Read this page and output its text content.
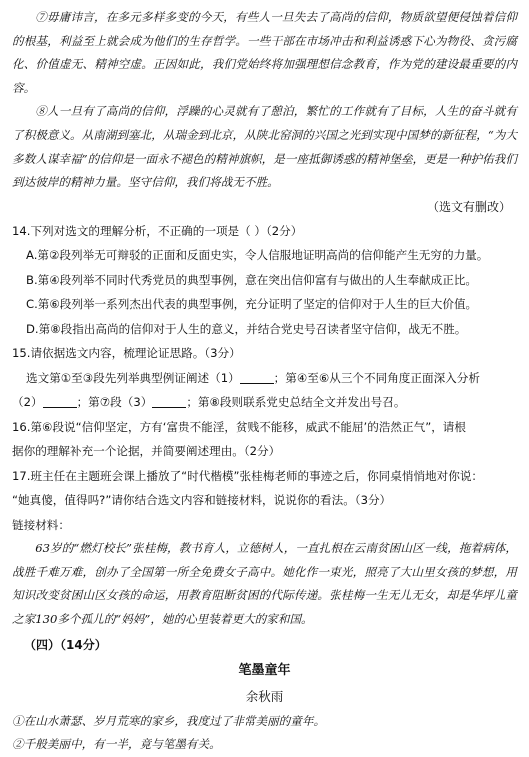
⑦毋庸讳言，在多元多样多变的今天，有些人一旦失去了高尚的信仰，物质欲望便侵蚀着信仰的根基，利益至上就会成为他们的生存哲学。一些干部在市场冲击和利益诱惑下心为物役、贪污腐化、价值虚无、精神空虚。正因如此，我们党始终将加强理想信念教育，作为党的建设最重要的内容。

⑧人一旦有了高尚的信仰，浮躁的心灵就有了憩泊，繁忙的工作就有了目标，人生的奋斗就有了积极意义。从南湖到塞北，从瑞金到北京，从陕北窑洞的兴国之光到实现中国梦的新征程，“为大多数人谋幸福”的信仰是一面永不褪色的精神旗帜，是一座抵御诱惑的精神堡垒，更是一种护佑我们到达彼岸的精神力量。坚守信仰，我们将战无不胜。

（选文有删改）

14.下列对选文的理解分析，不正确的一项是（ ）（2分）

A.第②段列举无可辩驳的正面和反面史实，令人信服地证明高尚的信仰能产生无穷的力量。

B.第④段列举不同时代秀党员的典型事例，意在突出信仰富有与做出的人生奉献成正比。

C.第⑥段列举一系列杰出代表的典型事例，充分证明了坚定的信仰对于人生的巨大价值。

D.第⑧段指出高尚的信仰对于人生的意义，并结合党史号召读者坚守信仰，战无不胜。

15.请依据选文内容，梳理论证思路。（3分）

选文第①至③段先列举典型例证阐述（1）	；第④至⑥从三个不同角度正面深入分析

（2）	；第⑦段（3）	；第⑧段则联系党史总结全文并发出号召。

16.第⑥段说“信仰坚定，方有‘富贵不能淫，贫贱不能移，威武不能屈’的浩然正气”，请根

据你的理解补充一个论据，并简要阐述理由。（2分）

17.班主任在主题班会课上播放了“时代楷模”张桂梅老师的事迹之后，你同桌悄悄地对你说：

“她真傻，值得吗?”请你结合选文内容和链接材料，说说你的看法。（3分）

链接材料：

63岁的“燃灯校长”张桂梅，教书育人，立德树人，一直扎根在云南贫困山区一线，拖着病体，战胜千难万难，创办了全国第一所全免费女子高中。她化作一束光，照亮了大山里女孩的梦想，用知识改变贫困山区女孩的命运，用教育阻断贫困的代际传递。张桂梅一生无儿无女，却是华坪儿童之家130多个孤儿的“妈妈”，她的心里装着更大的家和国。

（四）（14分）

笔墨童年

余秋雨

①在山水萧瑟、岁月荒寒的家乡，我度过了非常美丽的童年。

②千般美丽中，有一半，竟与笔墨有关。
